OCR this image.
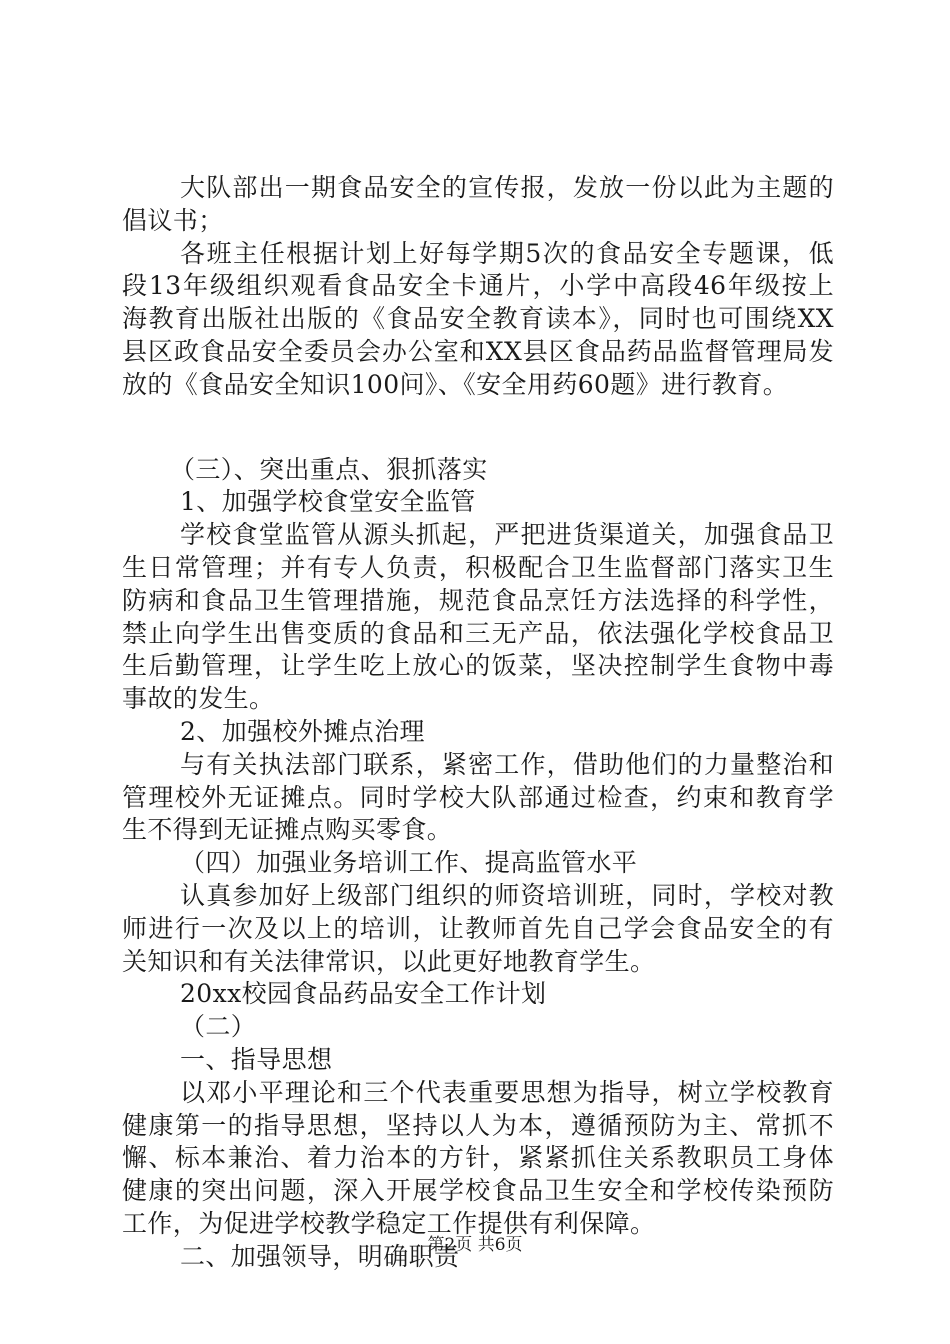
大队部出一期食品安全的宣传报，发放一份以此为主题的
倡议书；
各班主任根据计划上好每学期5次的食品安全专题课，低
段13年级组织观看食品安全卡通片，小学中高段46年级按上
海教育出版社出版的《食品安全教育读本》，同时也可围绕XX
县区政食品安全委员会办公室和XX县区食品药品监督管理局发
放的《食品安全知识100问》、《安全用药60题》进行教育。
（三）、突出重点、狠抓落实
1、加强学校食堂安全监管
学校食堂监管从源头抓起，严把进货渠道关，加强食品卫
生日常管理；并有专人负责，积极配合卫生监督部门落实卫生
防病和食品卫生管理措施，规范食品烹饪方法选择的科学性，
禁止向学生出售变质的食品和三无产品，依法强化学校食品卫
生后勤管理，让学生吃上放心的饭菜，坚决控制学生食物中毒
事故的发生。
2、加强校外摊点治理
与有关执法部门联系，紧密工作，借助他们的力量整治和
管理校外无证摊点。同时学校大队部通过检查，约束和教育学
生不得到无证摊点购买零食。
（四）加强业务培训工作、提高监管水平
认真参加好上级部门组织的师资培训班，同时，学校对教
师进行一次及以上的培训，让教师首先自己学会食品安全的有
关知识和有关法律常识，以此更好地教育学生。
20xx校园食品药品安全工作计划
（二）
一、指导思想
以邓小平理论和三个代表重要思想为指导，树立学校教育
健康第一的指导思想，坚持以人为本，遵循预防为主、常抓不
懈、标本兼治、着力治本的方针，紧紧抓住关系教职员工身体
健康的突出问题，深入开展学校食品卫生安全和学校传染预防
工作，为促进学校教学稳定工作提供有利保障。
二、加强领导，明确职责
第2页 共6页
